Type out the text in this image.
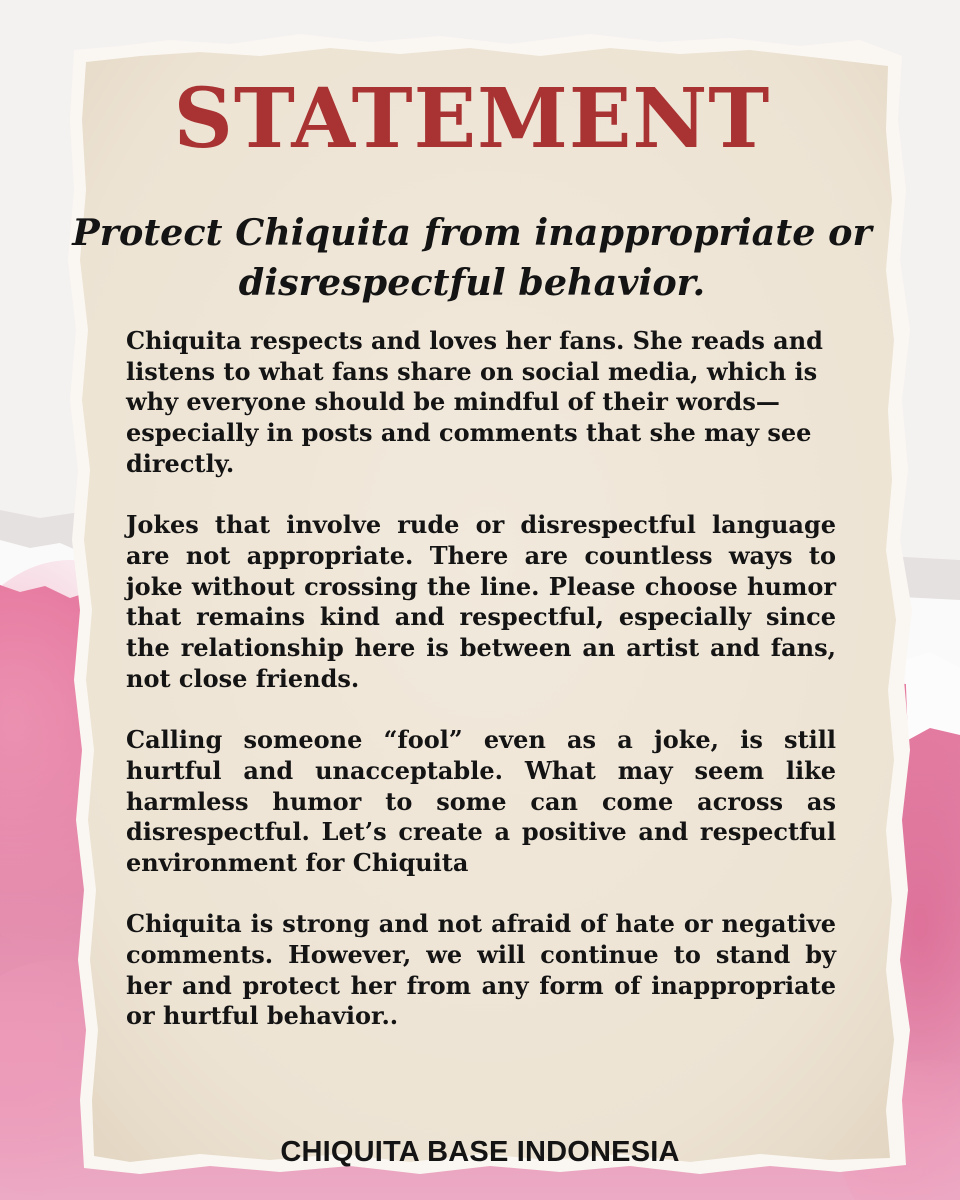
STATEMENT
Protect Chiquita from inappropriate or disrespectful behavior.

Chiquita respects and loves her fans. She reads and listens to what fans share on social media, which is why everyone should be mindful of their words—especially in posts and comments that she may see directly.

Jokes that involve rude or disrespectful language are not appropriate. There are countless ways to joke without crossing the line. Please choose humor that remains kind and respectful, especially since the relationship here is between an artist and fans, not close friends.

Calling someone “fool” even as a joke, is still hurtful and unacceptable. What may seem like harmless humor to some can come across as disrespectful. Let’s create a positive and respectful environment for Chiquita

Chiquita is strong and not afraid of hate or negative comments. However, we will continue to stand by her and protect her from any form of inappropriate or hurtful behavior..

CHIQUITA BASE INDONESIA
